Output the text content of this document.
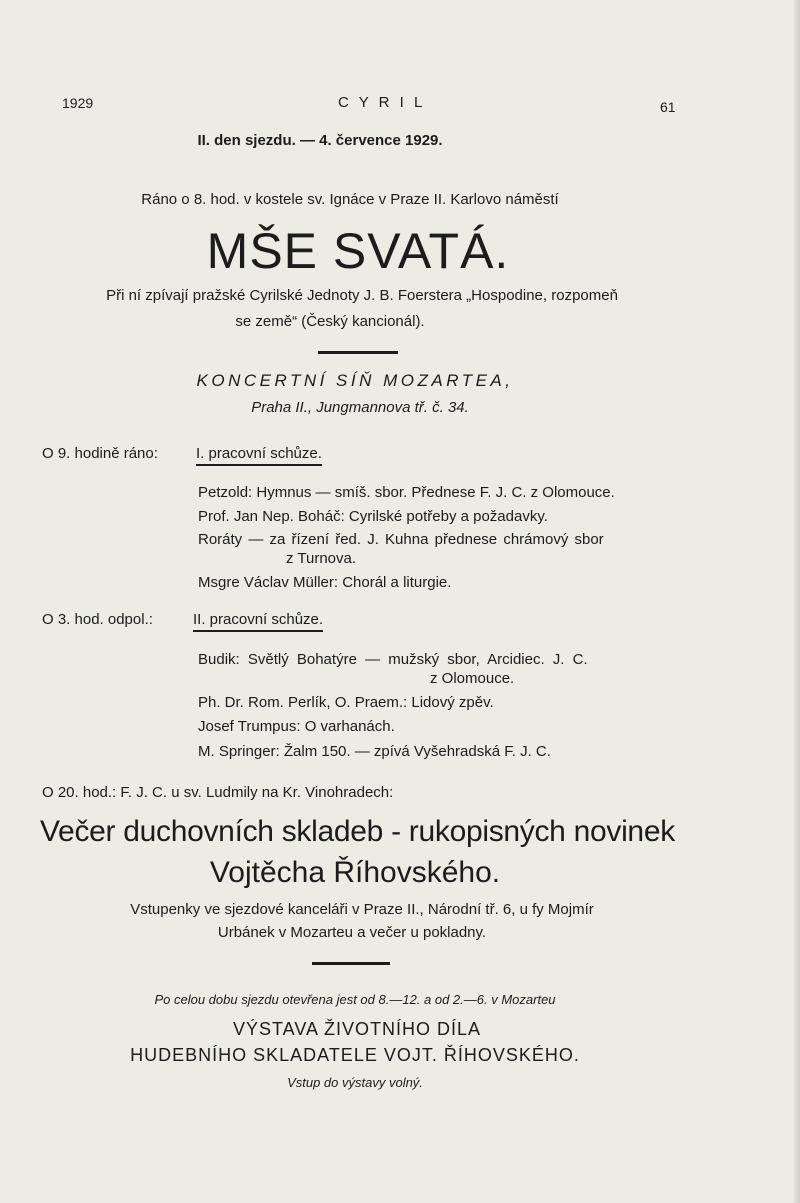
1929	C Y R I L	61
II. den sjezdu. — 4. července 1929.
Ráno o 8. hod. v kostele sv. Ignáce v Praze II. Karlovo náměstí
MŠE SVATÁ.
Při ní zpívají pražské Cyrilské Jednoty J. B. Foerstera „Hospodine, rozpomeň
se země“ (Český kancionál).
KONCERTNÍ SÍŇ MOZARTEA,
Praha II., Jungmannova tř. č. 34.
O 9. hodině ráno:	I. pracovní schůze.
Petzold: Hymnus — smíš. sbor. Přednese F. J. C. z Olomouce.
Prof. Jan Nep. Boháč: Cyrilské potřeby a požadavky.
Roráty — za řízení řed. J. Kuhna přednese chrámový sbor
z Turnova.
Msgre Václav Müller: Chorál a liturgie.
O 3. hod. odpol.:	II. pracovní schůze.
Budik: Světlý Bohatýre — mužský sbor, Arcidiec. J. C.
z Olomouce.
Ph. Dr. Rom. Perlík, O. Praem.: Lidový zpěv.
Josef Trumpus: O varhanách.
M. Springer: Žalm 150. — zpívá Vyšehradská F. J. C.
O 20. hod.: F. J. C. u sv. Ludmily na Kr. Vinohradech:
Večer duchovních skladeb - rukopisných novinek
Vojtěcha Říhovského.
Vstupenky ve sjezdové kanceláři v Praze II., Národní tř. 6, u fy Mojmír
Urbánek v Mozarteu a večer u pokladny.
Po celou dobu sjezdu otevřena jest od 8.—12. a od 2.—6. v Mozarteu
VÝSTAVA ŽIVOTNÍHO DÍLA
HUDEBNÍHO SKLADATELE VOJT. ŘÍHOVSKÉHO.
Vstup do výstavy volný.
